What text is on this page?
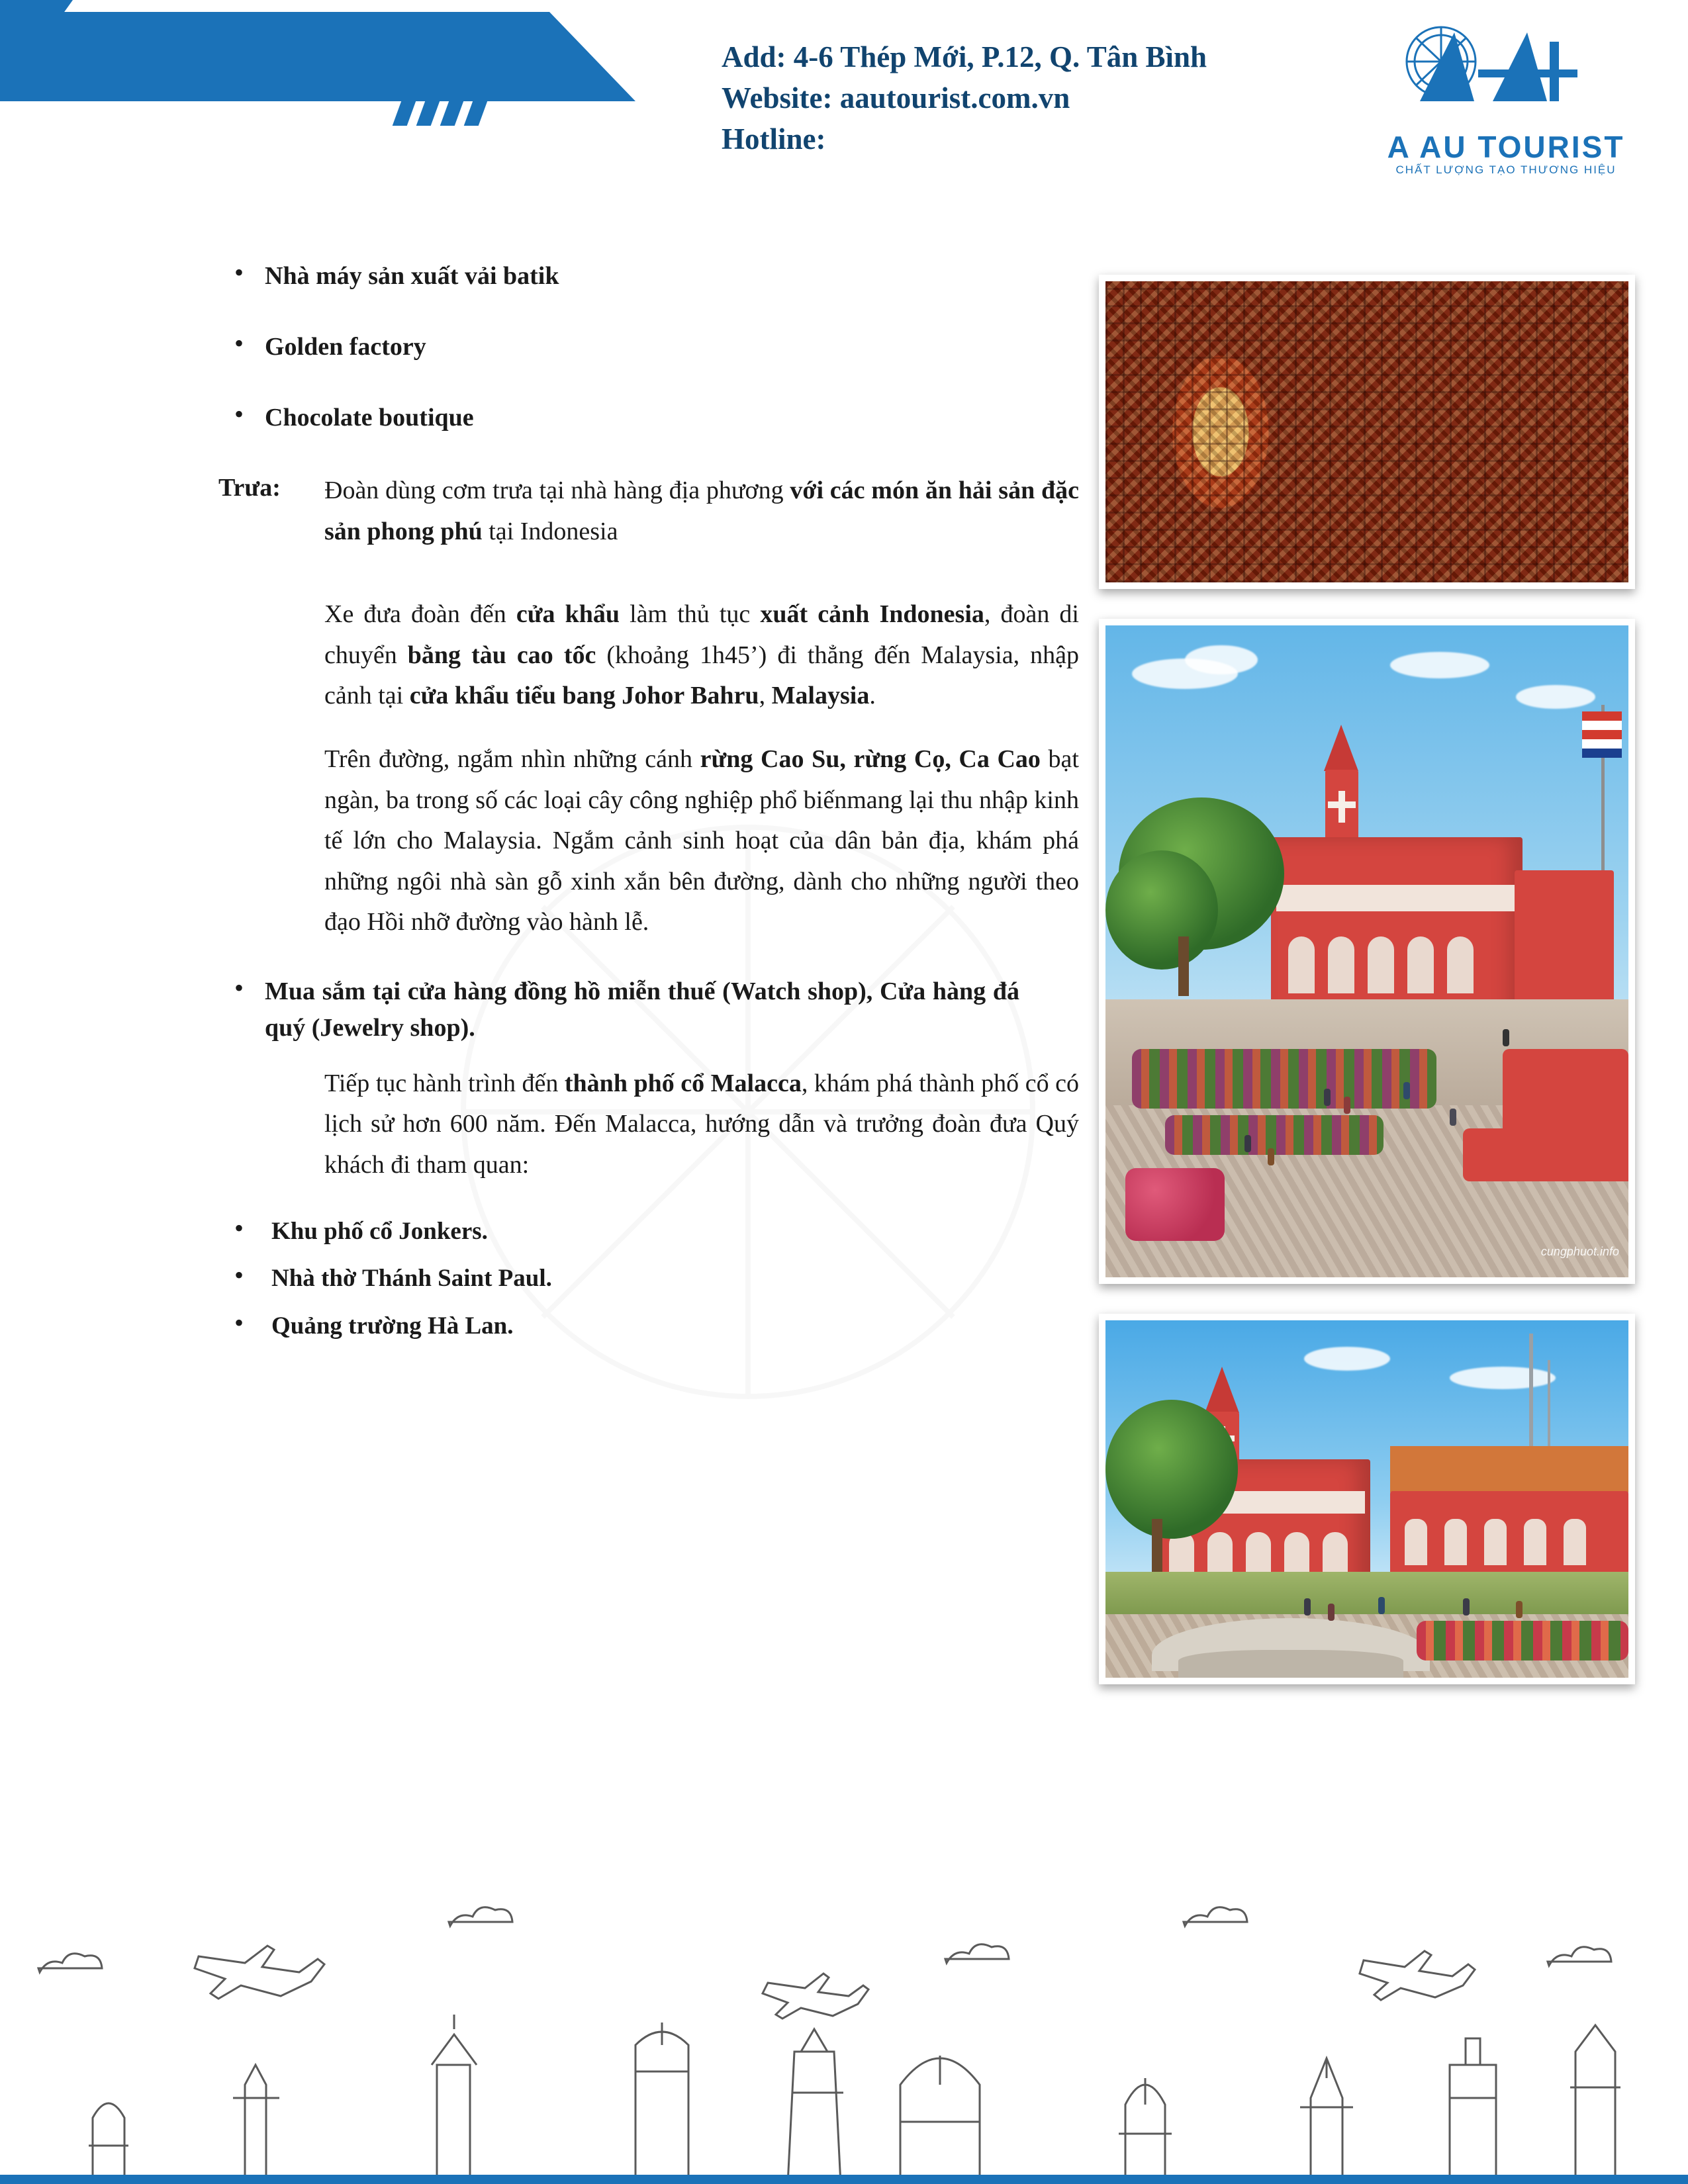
Add: 4-6 Thép Mới, P.12, Q. Tân Bình
Website: aautourist.com.vn
Hotline:	A AU TOURIST
CHẤT LƯỢNG TẠO THƯƠNG HIỆU
• Nhà máy sản xuất vải batik
• Golden factory
• Chocolate boutique
Trưa:	Đoàn dùng cơm trưa tại nhà hàng địa phương với các món ăn hải sản đặc sản phong phú tại Indonesia

Xe đưa đoàn đến cửa khẩu làm thủ tục xuất cảnh Indonesia, đoàn di chuyển bằng tàu cao tốc (khoảng 1h45’) đi thẳng đến Malaysia, nhập cảnh tại cửa khẩu tiểu bang Johor Bahru, Malaysia.

Trên đường, ngắm nhìn những cánh rừng Cao Su, rừng Cọ, Ca Cao bạt ngàn, ba trong số các loại cây công nghiệp phổ biếnmang lại thu nhập kinh tế lớn cho Malaysia. Ngắm cảnh sinh hoạt của dân bản địa, khám phá những ngôi nhà sàn gỗ xinh xắn bên đường, dành cho những người theo đạo Hồi nhỡ đường vào hành lễ.

• Mua sắm tại cửa hàng đồng hồ miễn thuế (Watch shop), Cửa hàng đá quý (Jewelry shop).

Tiếp tục hành trình đến thành phố cổ Malacca, khám phá thành phố cổ có lịch sử hơn 600 năm. Đến Malacca, hướng dẫn và trưởng đoàn đưa Quý khách đi tham quan:

•	Khu phố cổ Jonkers.
•	Nhà thờ Thánh Saint Paul.
•	Quảng trường Hà Lan.
cungphuot.info
